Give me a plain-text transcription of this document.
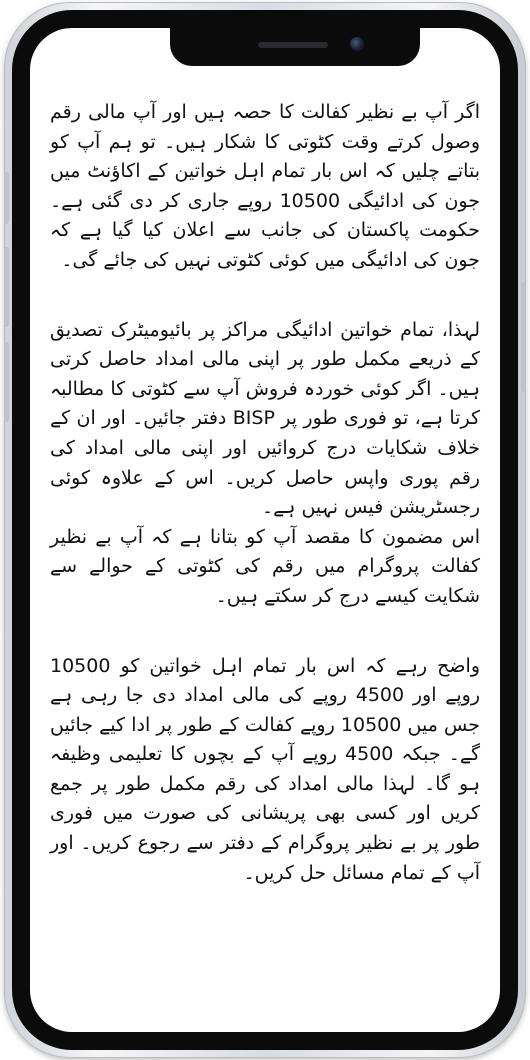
اگر آپ بے نظیر کفالت کا حصہ ہیں اور آپ مالی رقم وصول کرتے وقت کٹوتی کا شکار ہیں۔ تو ہم آپ کو بتاتے چلیں کہ اس بار تمام اہل خواتین کے اکاؤنٹ میں جون کی ادائیگی 10500 روپے جاری کر دی گئی ہے۔ حکومت پاکستان کی جانب سے اعلان کیا گیا ہے کہ جون کی ادائیگی میں کوئی کٹوتی نہیں کی جائے گی۔

لہذا، تمام خواتین ادائیگی مراکز پر بائیومیٹرک تصدیق کے ذریعے مکمل طور پر اپنی مالی امداد حاصل کرتی ہیں۔ اگر کوئی خوردہ فروش آپ سے کٹوتی کا مطالبہ کرتا ہے، تو فوری طور پر BISP دفتر جائیں۔ اور ان کے خلاف شکایات درج کروائیں اور اپنی مالی امداد کی رقم پوری واپس حاصل کریں۔ اس کے علاوہ کوئی رجسٹریشن فیس نہیں ہے۔

اس مضمون کا مقصد آپ کو بتانا ہے کہ آپ بے نظیر کفالت پروگرام میں رقم کی کٹوتی کے حوالے سے شکایت کیسے درج کر سکتے ہیں۔

واضح رہے کہ اس بار تمام اہل خواتین کو 10500 روپے اور 4500 روپے کی مالی امداد دی جا رہی ہے جس میں 10500 روپے کفالت کے طور پر ادا کیے جائیں گے۔ جبکہ 4500 روپے آپ کے بچوں کا تعلیمی وظیفہ ہو گا۔ لہذا مالی امداد کی رقم مکمل طور پر جمع کریں اور کسی بھی پریشانی کی صورت میں فوری طور پر بے نظیر پروگرام کے دفتر سے رجوع کریں۔ اور آپ کے تمام مسائل حل کریں۔
